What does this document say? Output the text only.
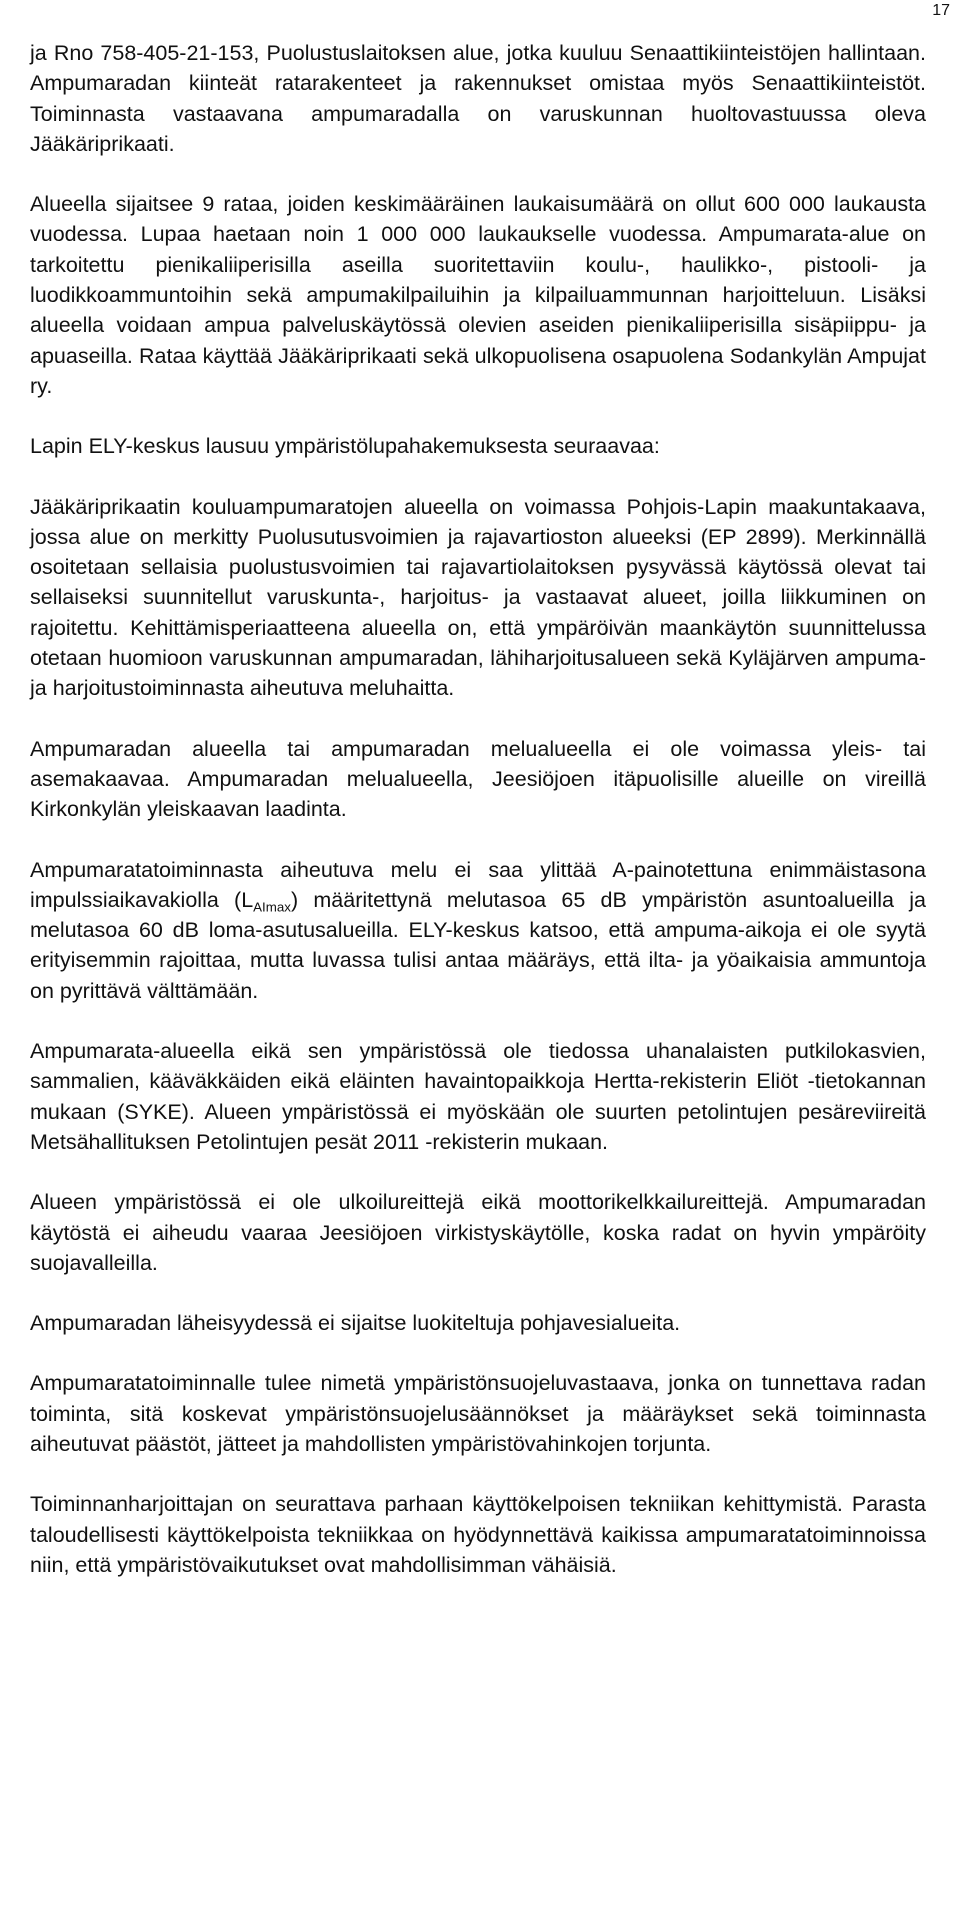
17

ja Rno 758-405-21-153, Puolustuslaitoksen alue, jotka kuuluu Senaattikiinteistöjen hallintaan. Ampumaradan kiinteät ratarakenteet ja rakennukset omistaa myös Senaattikiinteistöt. Toiminnasta vastaavana ampumaradalla on varuskunnan huoltovastuussa oleva Jääkäriprikaati.

Alueella sijaitsee 9 rataa, joiden keskimääräinen laukaisumäärä on ollut 600 000 laukausta vuodessa. Lupaa haetaan noin 1 000 000 laukaukselle vuodessa. Ampumarata-alue on tarkoitettu pienikaliiperisilla aseilla suoritettaviin koulu-, haulikko-, pistooli- ja luodikkoammuntoihin sekä ampumakilpailuihin ja kilpailuammunnan harjoitteluun. Lisäksi alueella voidaan ampua palveluskäytössä olevien aseiden pienikaliiperisilla sisäpiippu- ja apuaseilla. Rataa käyttää Jääkäriprikaati sekä ulkopuolisena osapuolena Sodankylän Ampujat ry.

Lapin ELY-keskus lausuu ympäristölupahakemuksesta seuraavaa:

Jääkäriprikaatin kouluampumaratojen alueella on voimassa Pohjois-Lapin maakuntakaava, jossa alue on merkitty Puolusutusvoimien ja rajavartioston alueeksi (EP 2899). Merkinnällä osoitetaan sellaisia puolustusvoimien tai rajavartiolaitoksen pysyvässä käytössä olevat tai sellaiseksi suunnitellut varuskunta-, harjoitus- ja vastaavat alueet, joilla liikkuminen on rajoitettu. Kehittämisperiaatteena alueella on, että ympäröivän maankäytön suunnittelussa otetaan huomioon varuskunnan ampumaradan, lähiharjoitusalueen sekä Kyläjärven ampuma- ja harjoitustoiminnasta aiheutuva meluhaitta.

Ampumaradan alueella tai ampumaradan melualueella ei ole voimassa yleis- tai asemakaavaa. Ampumaradan melualueella, Jeesiöjoen itäpuolisille alueille on vireillä Kirkonkylän yleiskaavan laadinta.

Ampumaratatoiminnasta aiheutuva melu ei saa ylittää A-painotettuna enimmäistasona impulssiaikavakiolla $(L_{AImax})$ määritettynä melutasoa 65 dB ympäristön asuntoalueilla ja melutasoa 60 dB loma-asutusalueilla. ELY-keskus katsoo, että ampuma-aikoja ei ole syytä erityisemmin rajoittaa, mutta luvassa tulisi antaa määräys, että ilta- ja yöaikaisia ammuntoja on pyrittävä välttämään.

Ampumarata-alueella eikä sen ympäristössä ole tiedossa uhanalaisten putkilokasvien, sammalien, kääväkkäiden eikä eläinten havaintopaikkoja Hertta-rekisterin Eliöt -tietokannan mukaan (SYKE). Alueen ympäristössä ei myöskään ole suurten petolintujen pesäreviireitä Metsähallituksen Petolintujen pesät 2011 -rekisterin mukaan.

Alueen ympäristössä ei ole ulkoilureittejä eikä moottorikelkkailureittejä. Ampumaradan käytöstä ei aiheudu vaaraa Jeesiöjoen virkistyskäytölle, koska radat on hyvin ympäröity suojavalleilla.

Ampumaradan läheisyydessä ei sijaitse luokiteltuja pohjavesialueita.

Ampumaratatoiminnalle tulee nimetä ympäristönsuojeluvastaava, jonka on tunnettava radan toiminta, sitä koskevat ympäristönsuojelusäännökset ja määräykset sekä toiminnasta aiheutuvat päästöt, jätteet ja mahdollisten ympäristövahinkojen torjunta.

Toiminnanharjoittajan on seurattava parhaan käyttökelpoisen tekniikan kehittymistä. Parasta taloudellisesti käyttökelpoista tekniikkaa on hyödynnettävä kaikissa ampumaratatoiminnoissa niin, että ympäristövaikutukset ovat mahdollisimman vähäisiä.
